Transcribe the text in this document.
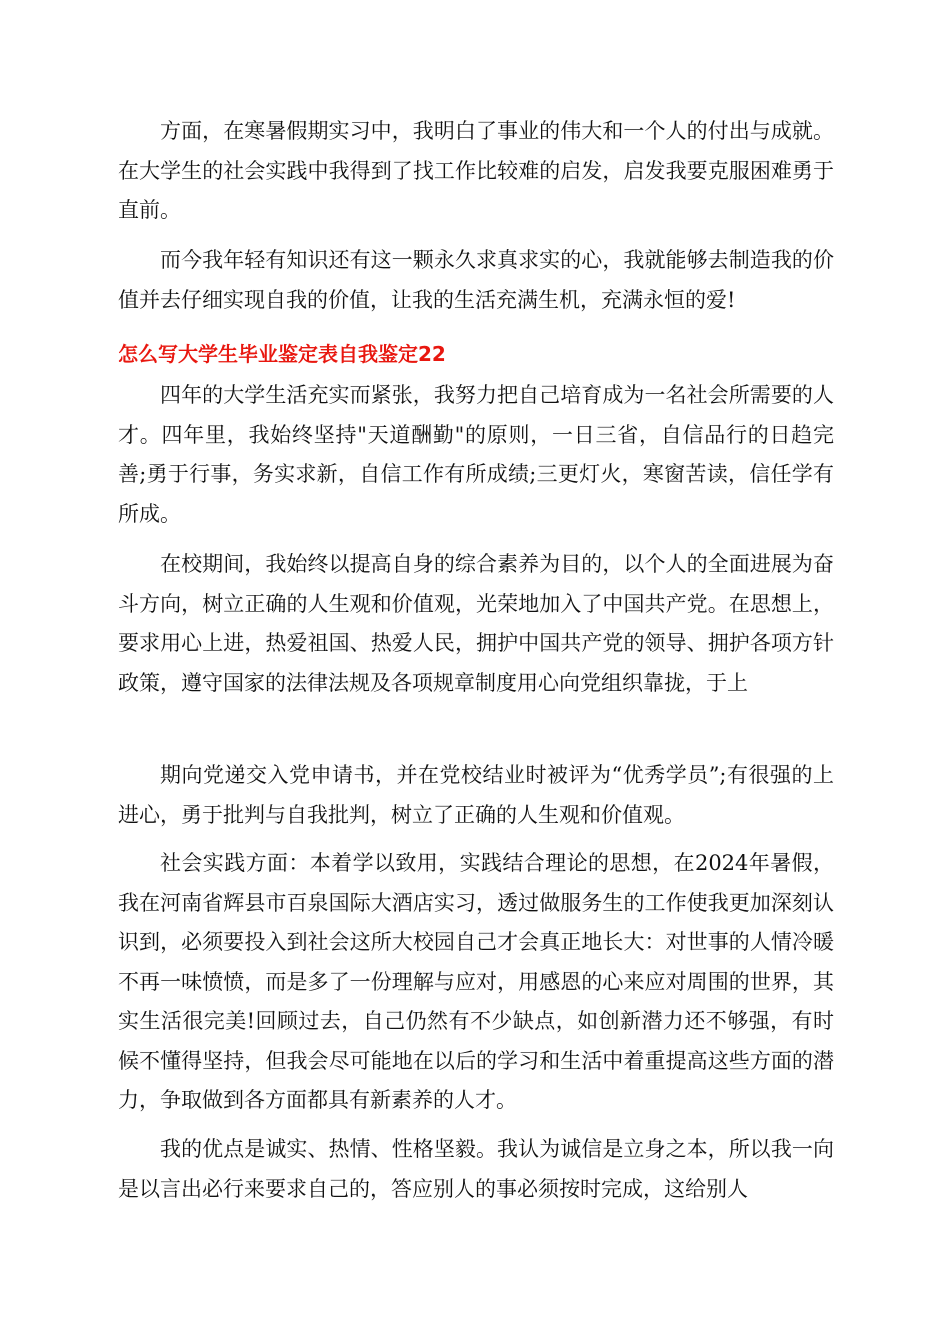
方面，在寒暑假期实习中，我明白了事业的伟大和一个人的付出与成就。在大学生的社会实践中我得到了找工作比较难的启发，启发我要克服困难勇于直前。

而今我年轻有知识还有这一颗永久求真求实的心，我就能够去制造我的价值并去仔细实现自我的价值，让我的生活充满生机，充满永恒的爱!

怎么写大学生毕业鉴定表自我鉴定22

四年的大学生活充实而紧张，我努力把自己培育成为一名社会所需要的人才。四年里，我始终坚持"天道酬勤"的原则，一日三省，自信品行的日趋完善;勇于行事，务实求新，自信工作有所成绩;三更灯火，寒窗苦读，信任学有所成。

在校期间，我始终以提高自身的综合素养为目的，以个人的全面进展为奋斗方向，树立正确的人生观和价值观，光荣地加入了中国共产党。在思想上，要求用心上进，热爱祖国、热爱人民，拥护中国共产党的领导、拥护各项方针政策，遵守国家的法律法规及各项规章制度用心向党组织靠拢，于上

期向党递交入党申请书，并在党校结业时被评为“优秀学员”;有很强的上进心，勇于批判与自我批判，树立了正确的人生观和价值观。

社会实践方面：本着学以致用，实践结合理论的思想，在2024年暑假，我在河南省辉县市百泉国际大酒店实习，透过做服务生的工作使我更加深刻认识到，必须要投入到社会这所大校园自己才会真正地长大：对世事的人情冷暖不再一味愤愤，而是多了一份理解与应对，用感恩的心来应对周围的世界，其实生活很完美!回顾过去，自己仍然有不少缺点，如创新潜力还不够强，有时候不懂得坚持，但我会尽可能地在以后的学习和生活中着重提高这些方面的潜力，争取做到各方面都具有新素养的人才。

我的优点是诚实、热情、性格坚毅。我认为诚信是立身之本，所以我一向是以言出必行来要求自己的，答应别人的事必须按时完成，这给别人
